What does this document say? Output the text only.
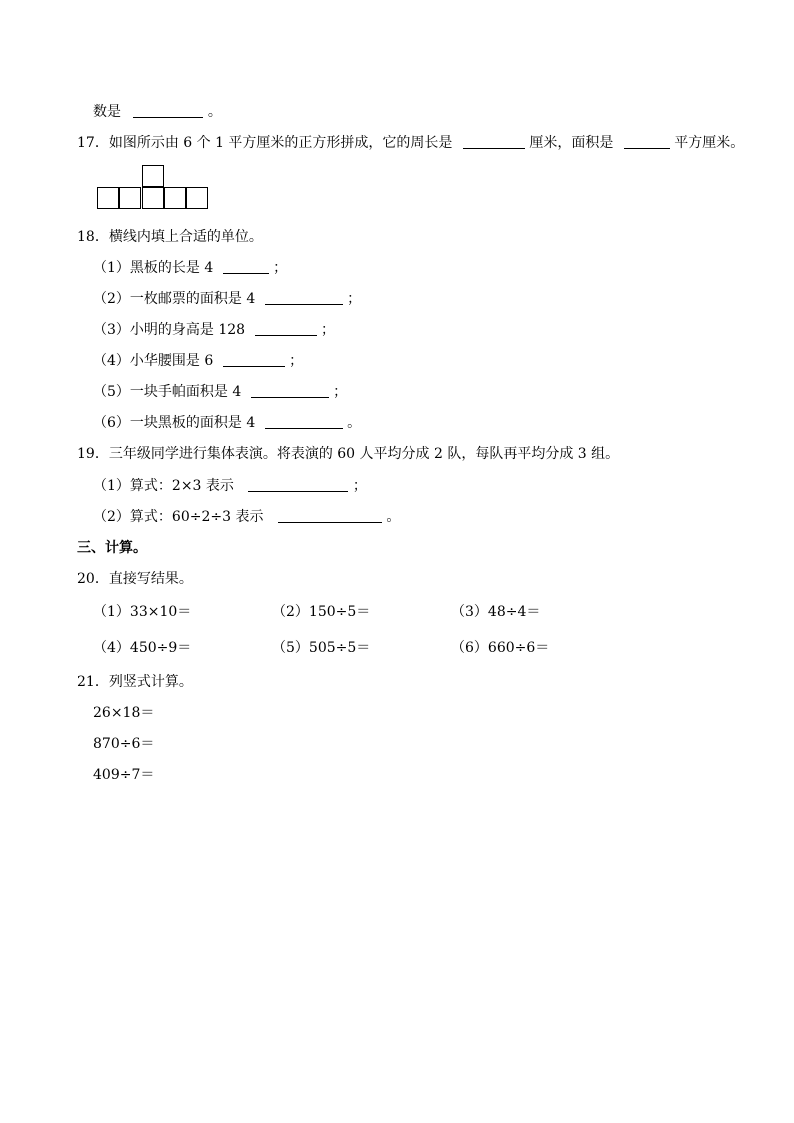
数是	。
17．如图所示由 6 个 1 平方厘米的正方形拼成，它的周长是	厘米，面积是	平方厘米。
18．横线内填上合适的单位。
（1）黑板的长是 4	；
（2）一枚邮票的面积是 4	；
（3）小明的身高是 128	；
（4）小华腰围是 6	；
（5）一块手帕面积是 4	；
（6）一块黑板的面积是 4	。
19．三年级同学进行集体表演。将表演的 60 人平均分成 2 队，每队再平均分成 3 组。
（1）算式：2×3 表示	；
（2）算式：60÷2÷3 表示	。
三、计算。
20．直接写结果。
（1）33×10＝	（2）150÷5＝	（3）48÷4＝
（4）450÷9＝	（5）505÷5＝	（6）660÷6＝
21．列竖式计算。
26×18＝
870÷6＝
409÷7＝
